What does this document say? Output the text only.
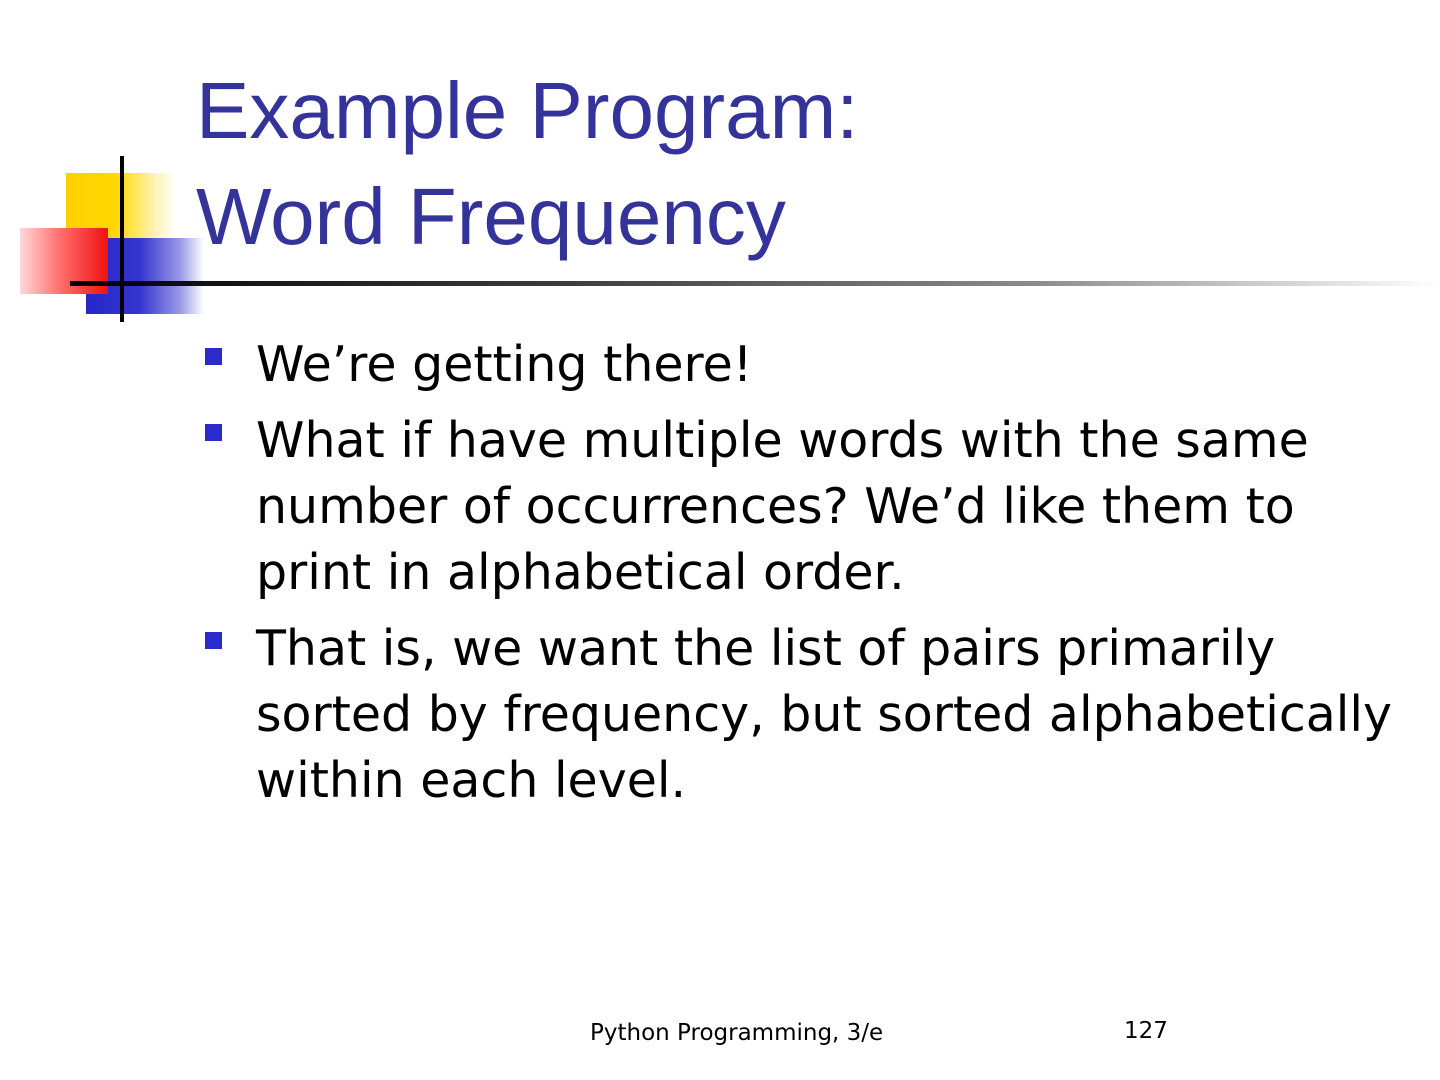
Example Program:
Word Frequency
We’re getting there!
What if have multiple words with the same
number of occurrences? We’d like them to
print in alphabetical order.
That is, we want the list of pairs primarily
sorted by frequency, but sorted alphabetically
within each level.
Python Programming, 3/e	127
